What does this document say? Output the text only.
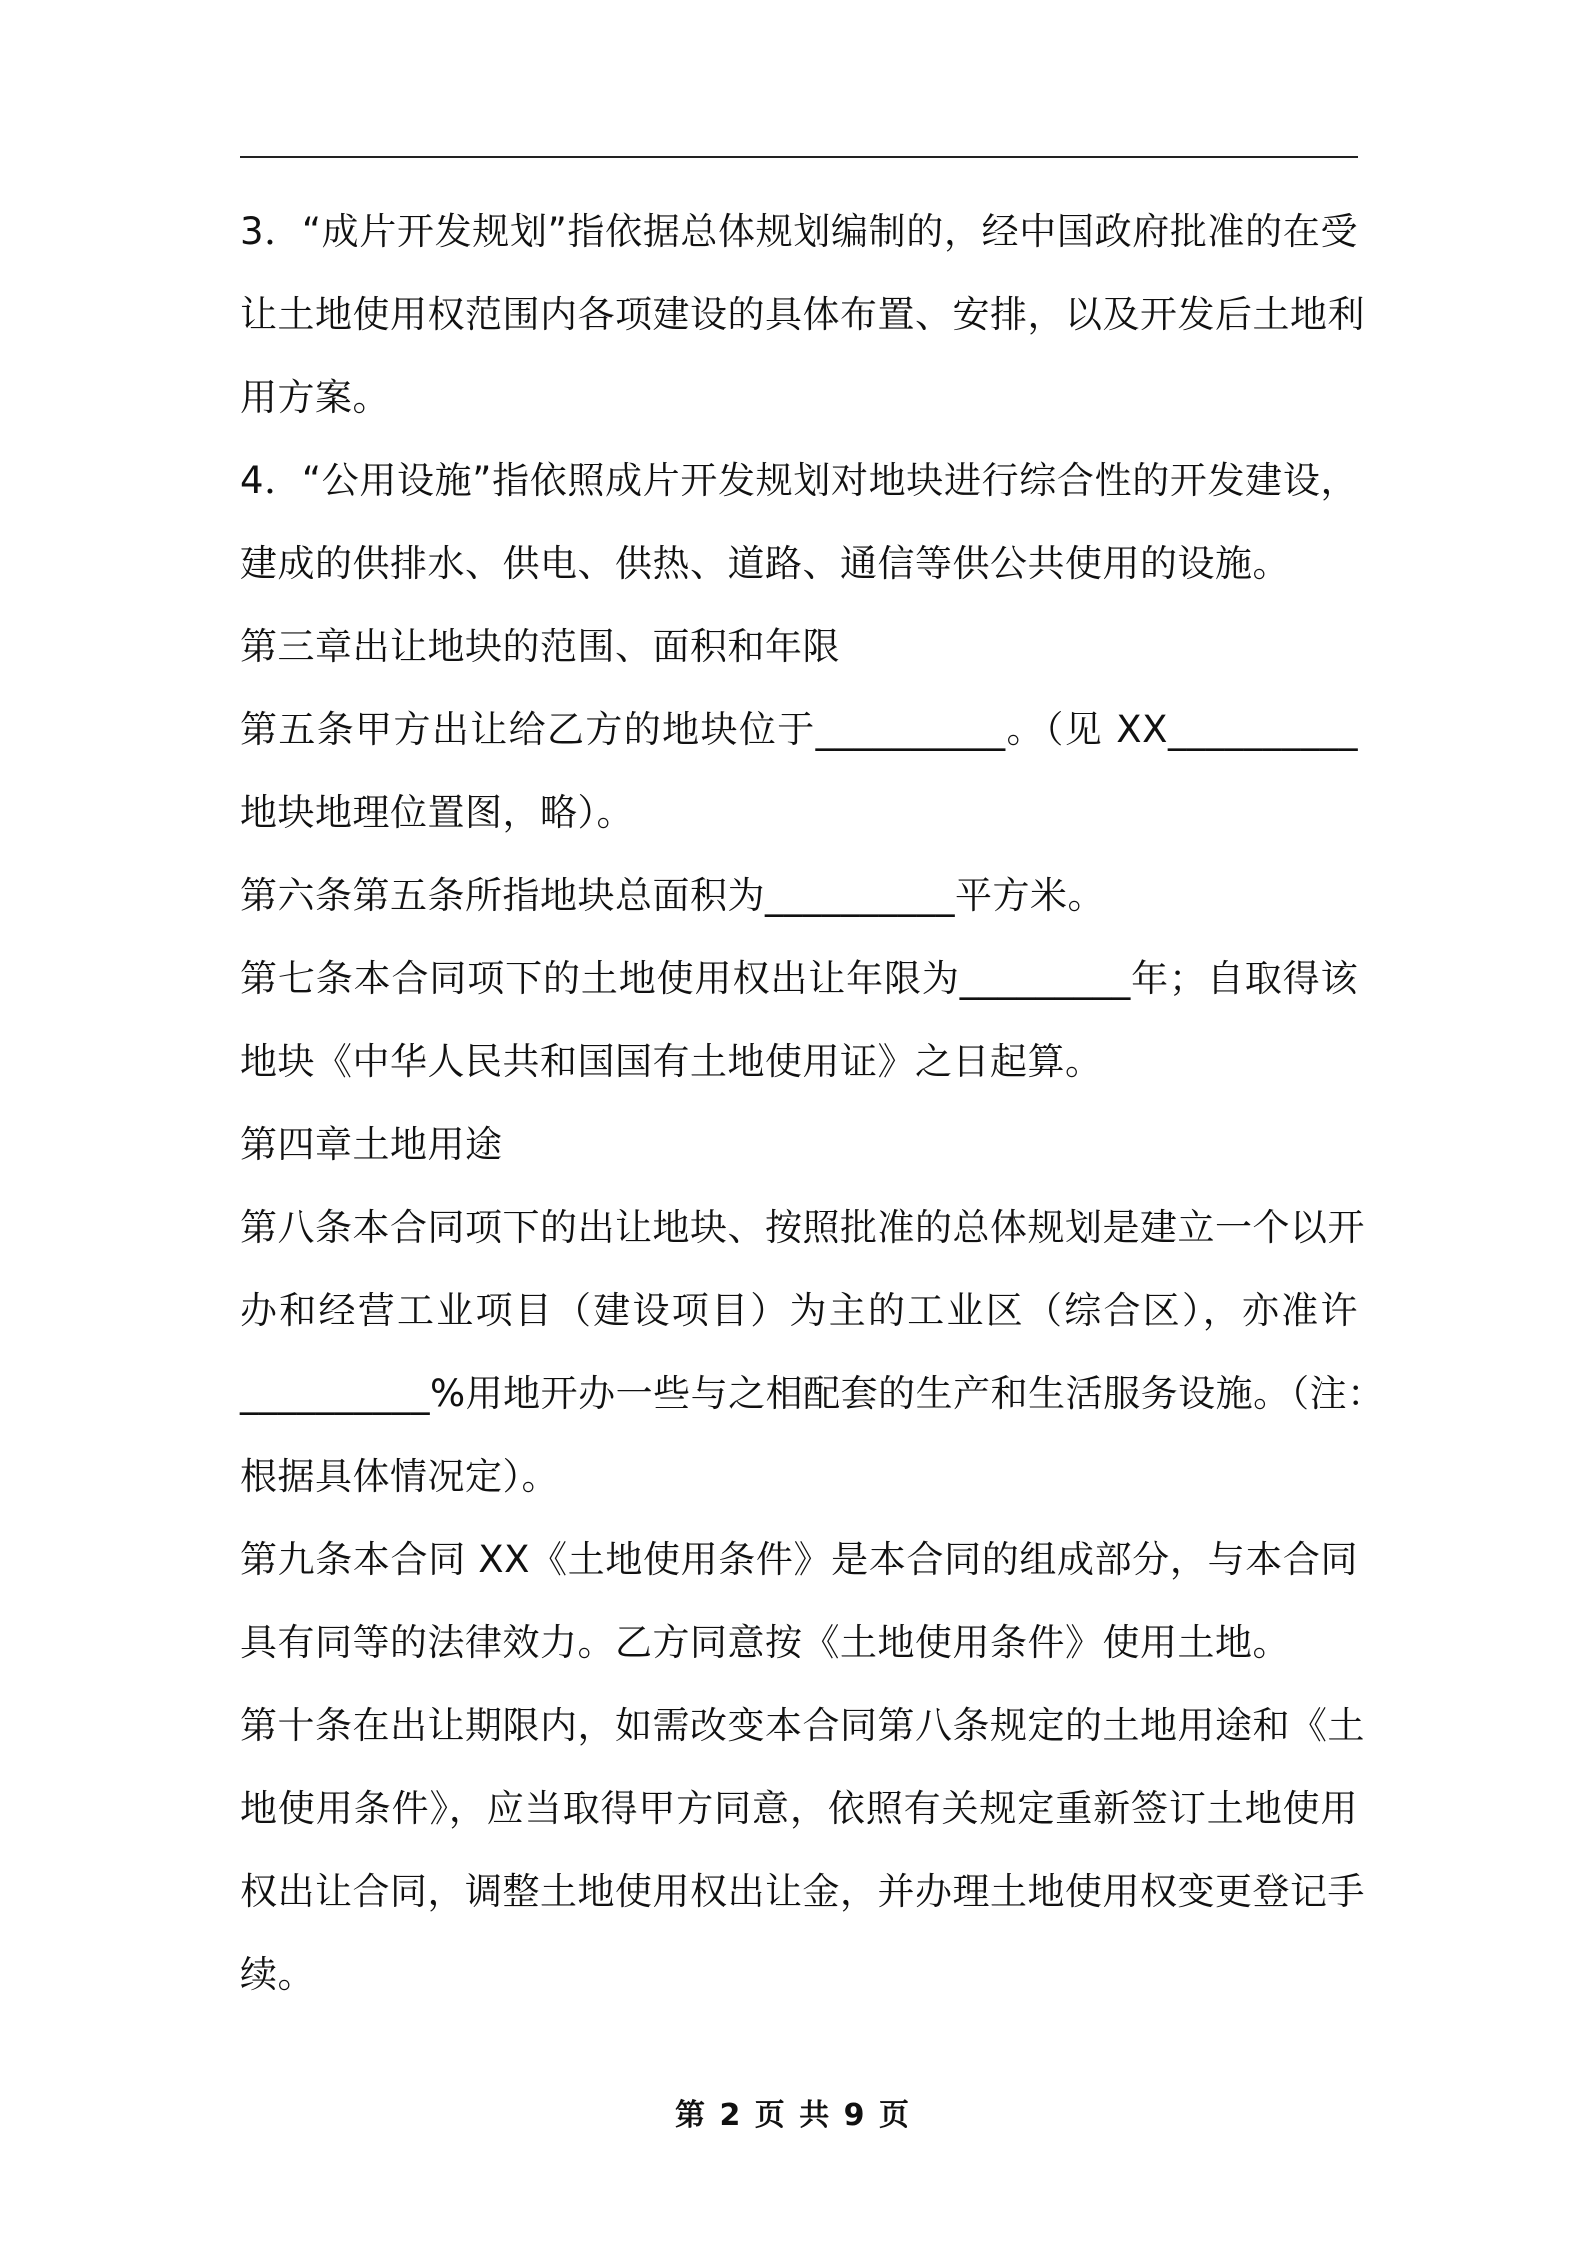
3．“成片开发规划”指依据总体规划编制的，经中国政府批准的在受
让土地使用权范围内各项建设的具体布置、安排，以及开发后土地利
用方案。
4．“公用设施”指依照成片开发规划对地块进行综合性的开发建设，
建成的供排水、供电、供热、道路、通信等供公共使用的设施。
第三章出让地块的范围、面积和年限
第五条甲方出让给乙方的地块位于__________。（见 XX__________
地块地理位置图，略）。
第六条第五条所指地块总面积为__________平方米。
第七条本合同项下的土地使用权出让年限为_________年；自取得该
地块《中华人民共和国国有土地使用证》之日起算。
第四章土地用途
第八条本合同项下的出让地块、按照批准的总体规划是建立一个以开
办和经营工业项目（建设项目）为主的工业区（综合区），亦准许
__________%用地开办一些与之相配套的生产和生活服务设施。（注：
根据具体情况定）。
第九条本合同 XX《土地使用条件》是本合同的组成部分，与本合同
具有同等的法律效力。乙方同意按《土地使用条件》使用土地。
第十条在出让期限内，如需改变本合同第八条规定的土地用途和《土
地使用条件》，应当取得甲方同意，依照有关规定重新签订土地使用
权出让合同，调整土地使用权出让金，并办理土地使用权变更登记手
续。
第 2 页 共 9 页
